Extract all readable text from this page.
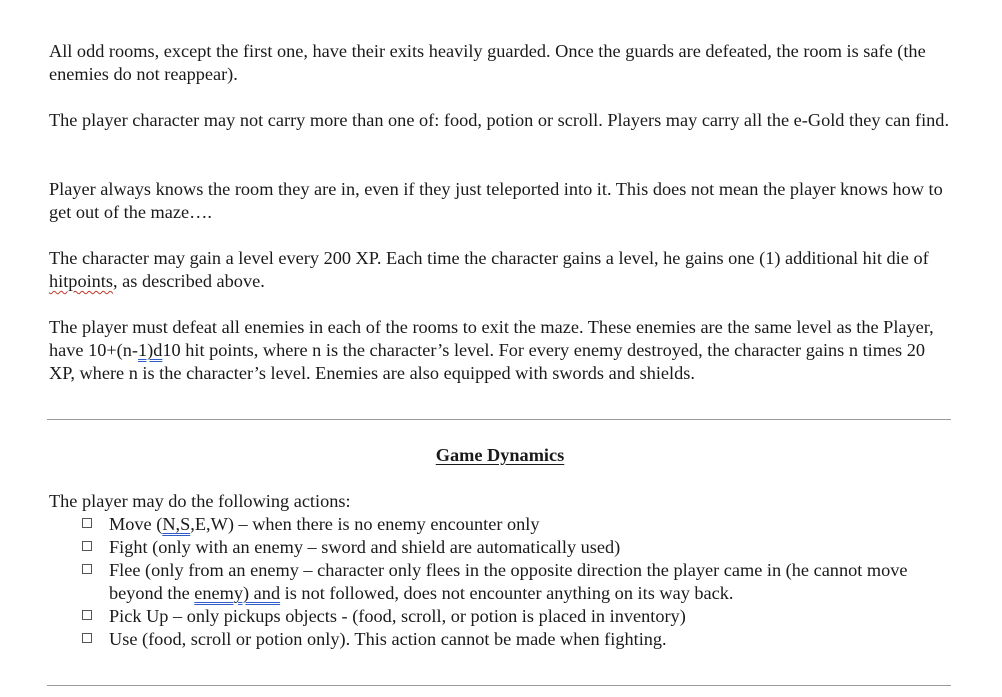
All odd rooms, except the first one, have their exits heavily guarded. Once the guards are defeated, the room is safe (the enemies do not reappear).

The player character may not carry more than one of: food, potion or scroll. Players may carry all the e-Gold they can find.

Player always knows the room they are in, even if they just teleported into it. This does not mean the player knows how to get out of the maze….

The character may gain a level every 200 XP. Each time the character gains a level, he gains one (1) additional hit die of hitpoints, as described above.

The player must defeat all enemies in each of the rooms to exit the maze. These enemies are the same level as the Player, have 10+(n-1)d10 hit points, where n is the character’s level. For every enemy destroyed, the character gains n times 20 XP, where n is the character’s level. Enemies are also equipped with swords and shields.

Game Dynamics

The player may do the following actions:

Move (N,S,E,W) – when there is no enemy encounter only
Fight (only with an enemy – sword and shield are automatically used)
Flee (only from an enemy – character only flees in the opposite direction the player came in (he cannot move beyond the enemy) and is not followed, does not encounter anything on its way back.
Pick Up – only pickups objects - (food, scroll, or potion is placed in inventory)
Use (food, scroll or potion only). This action cannot be made when fighting.
